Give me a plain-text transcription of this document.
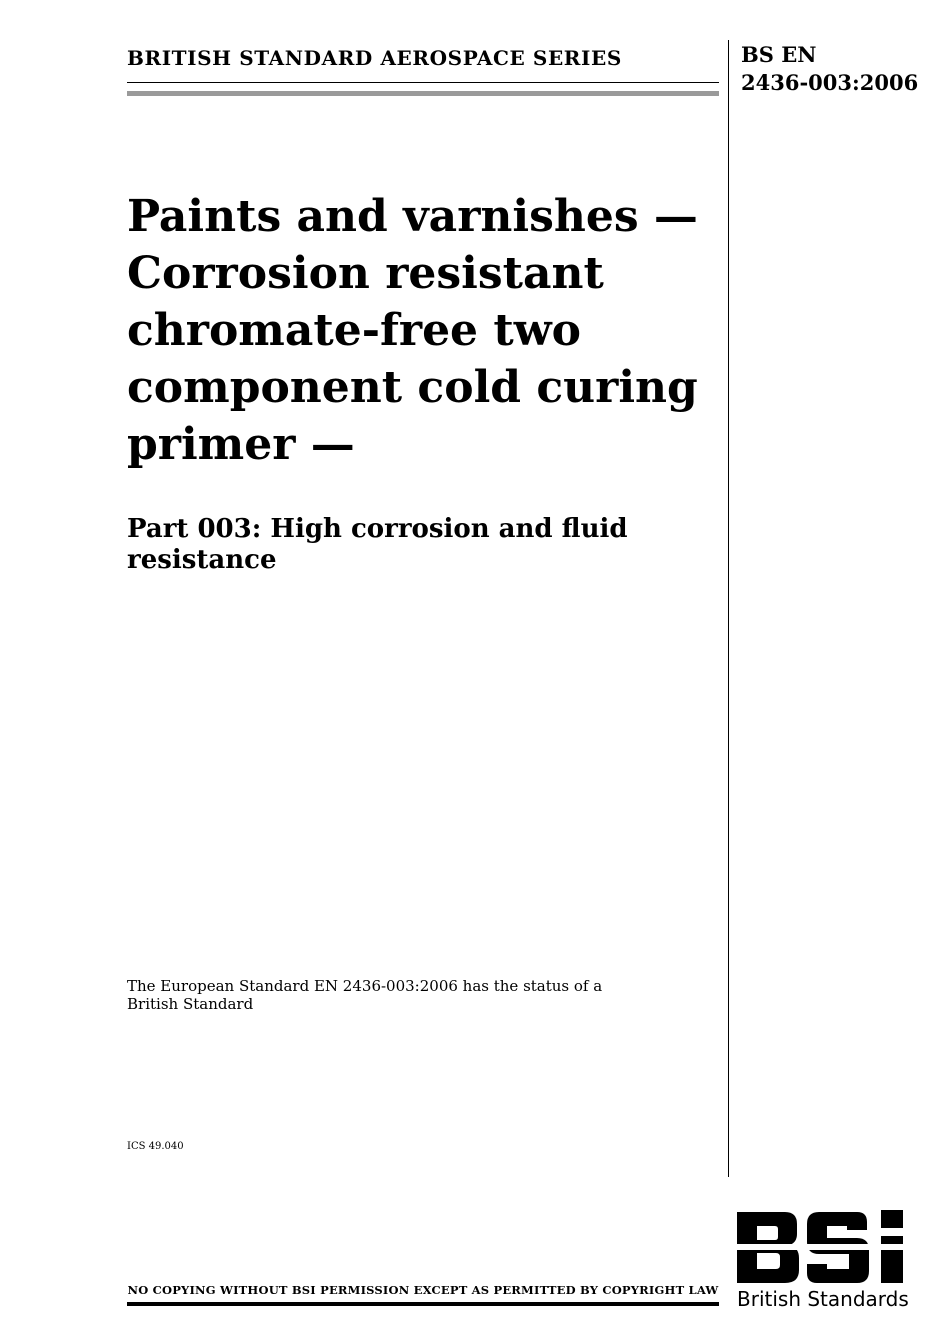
BRITISH STANDARD AEROSPACE SERIES	BS EN
2436-003:2006
Paints and varnishes —
Corrosion resistant
chromate-free two
component cold curing
primer —
Part 003: High corrosion and fluid
resistance
The European Standard EN 2436-003:2006 has the status of a
British Standard
ICS 49.040
NO COPYING WITHOUT BSI PERMISSION EXCEPT AS PERMITTED BY COPYRIGHT LAW British Standards
